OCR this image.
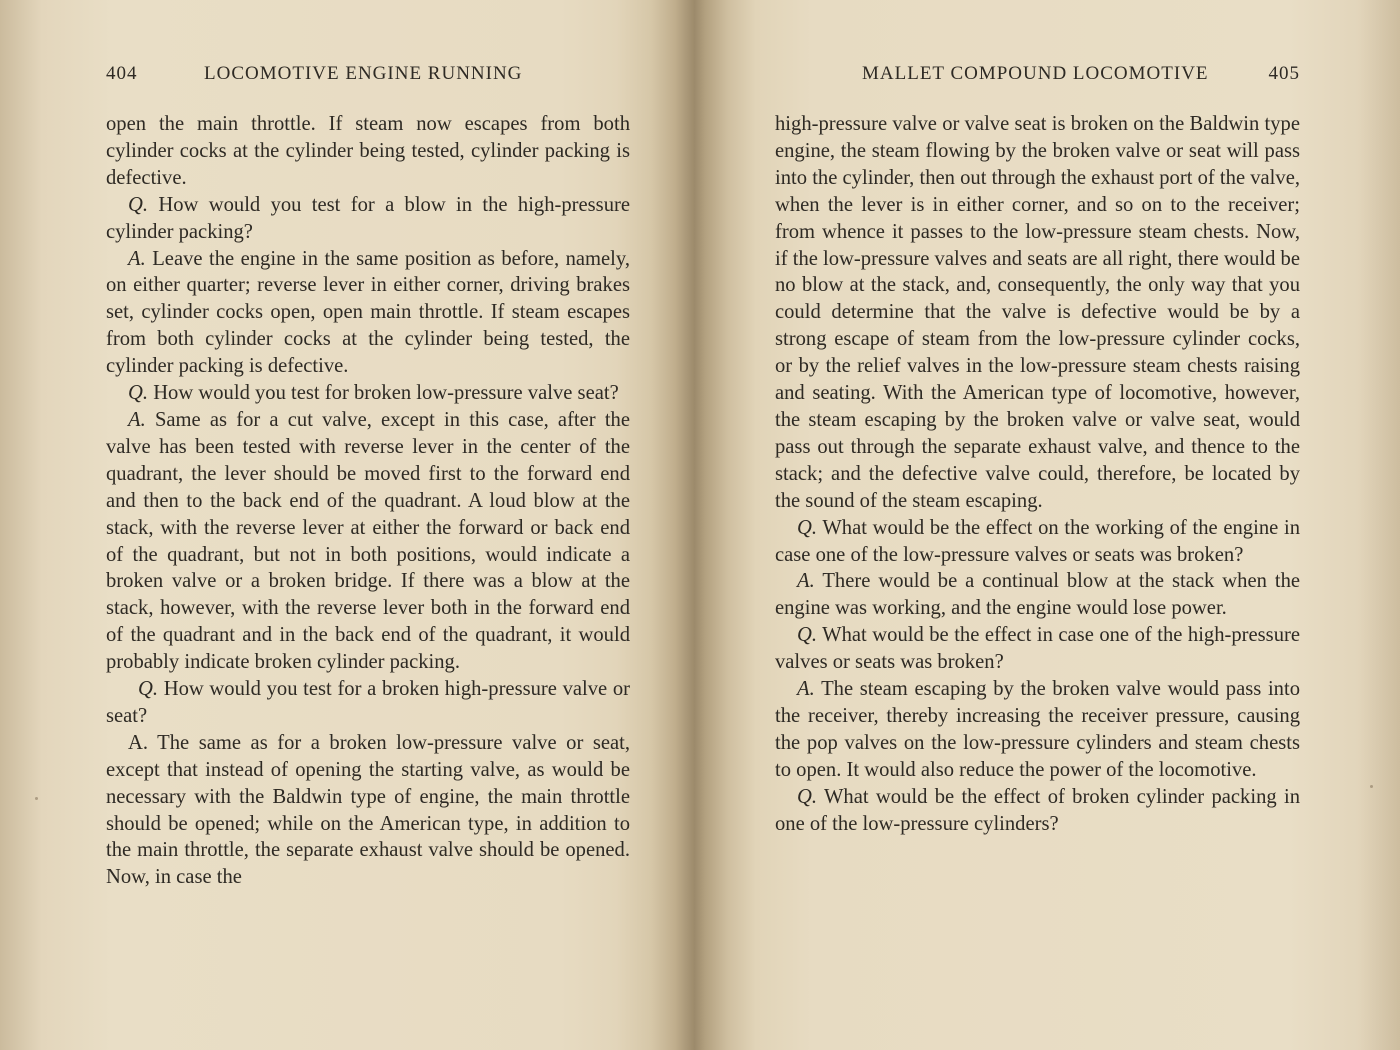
404	LOCOMOTIVE ENGINE RUNNING

open the main throttle. If steam now escapes from both cylinder cocks at the cylinder being tested, cylinder packing is defective.

Q. How would you test for a blow in the high-pressure cylinder packing?

A. Leave the engine in the same position as before, namely, on either quarter; reverse lever in either corner, driving brakes set, cylinder cocks open, open main throttle. If steam escapes from both cylinder cocks at the cylinder being tested, the cylinder packing is defective.

Q. How would you test for broken low-pressure valve seat?

A. Same as for a cut valve, except in this case, after the valve has been tested with reverse lever in the center of the quadrant, the lever should be moved first to the forward end and then to the back end of the quadrant. A loud blow at the stack, with the reverse lever at either the forward or back end of the quadrant, but not in both positions, would indicate a broken valve or a broken bridge. If there was a blow at the stack, however, with the reverse lever both in the forward end of the quadrant and in the back end of the quadrant, it would probably indicate broken cylinder packing.

Q. How would you test for a broken high-pressure valve or seat?

A. The same as for a broken low-pressure valve or seat, except that instead of opening the starting valve, as would be necessary with the Baldwin type of engine, the main throttle should be opened; while on the American type, in addition to the main throttle, the separate exhaust valve should be opened. Now, in case the

MALLET COMPOUND LOCOMOTIVE	405

high-pressure valve or valve seat is broken on the Baldwin type engine, the steam flowing by the broken valve or seat will pass into the cylinder, then out through the exhaust port of the valve, when the lever is in either corner, and so on to the receiver; from whence it passes to the low-pressure steam chests. Now, if the low-pressure valves and seats are all right, there would be no blow at the stack, and, consequently, the only way that you could determine that the valve is defective would be by a strong escape of steam from the low-pressure cylinder cocks, or by the relief valves in the low-pressure steam chests raising and seating. With the American type of locomotive, however, the steam escaping by the broken valve or valve seat, would pass out through the separate exhaust valve, and thence to the stack; and the defective valve could, therefore, be located by the sound of the steam escaping.

Q. What would be the effect on the working of the engine in case one of the low-pressure valves or seats was broken?

A. There would be a continual blow at the stack when the engine was working, and the engine would lose power.

Q. What would be the effect in case one of the high-pressure valves or seats was broken?

A. The steam escaping by the broken valve would pass into the receiver, thereby increasing the receiver pressure, causing the pop valves on the low-pressure cylinders and steam chests to open. It would also reduce the power of the locomotive.

Q. What would be the effect of broken cylinder packing in one of the low-pressure cylinders?
